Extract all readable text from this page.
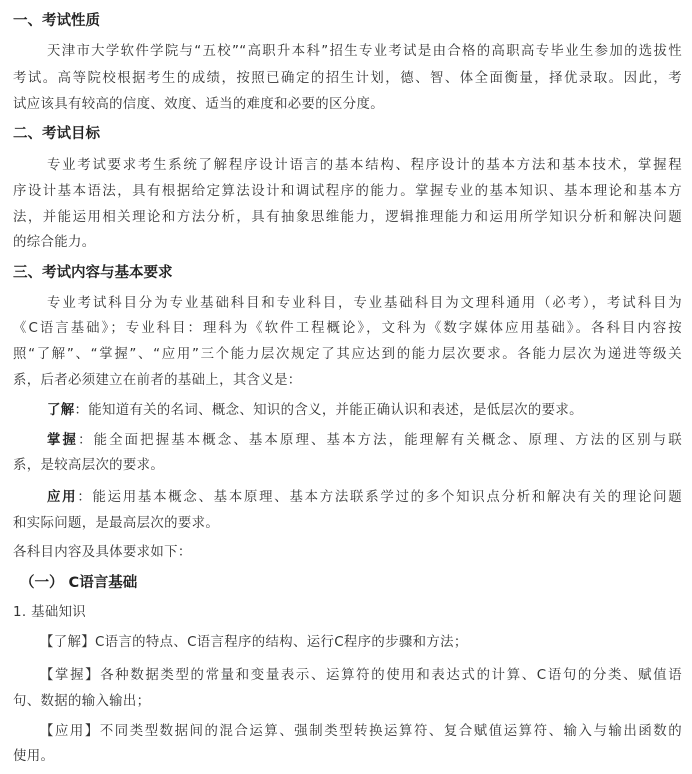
一、考试性质
天津市大学软件学院与“五校”“高职升本科”招生专业考试是由合格的高职高专毕业生参加的选拔性
考试。高等院校根据考生的成绩，按照已确定的招生计划，德、智、体全面衡量，择优录取。因此，考
试应该具有较高的信度、效度、适当的难度和必要的区分度。
二、考试目标
专业考试要求考生系统了解程序设计语言的基本结构、程序设计的基本方法和基本技术，掌握程
序设计基本语法，具有根据给定算法设计和调试程序的能力。掌握专业的基本知识、基本理论和基本方
法，并能运用相关理论和方法分析，具有抽象思维能力，逻辑推理能力和运用所学知识分析和解决问题
的综合能力。
三、考试内容与基本要求
专业考试科目分为专业基础科目和专业科目，专业基础科目为文理科通用（必考），考试科目为
《C语言基础》；专业科目：理科为《软件工程概论》，文科为《数字媒体应用基础》。各科目内容按
照“了解”、“掌握”、“应用”三个能力层次规定了其应达到的能力层次要求。各能力层次为递进等级关
系，后者必须建立在前者的基础上，其含义是：
了解：能知道有关的名词、概念、知识的含义，并能正确认识和表述，是低层次的要求。
掌握：能全面把握基本概念、基本原理、基本方法，能理解有关概念、原理、方法的区别与联
系，是较高层次的要求。
应用：能运用基本概念、基本原理、基本方法联系学过的多个知识点分析和解决有关的理论问题
和实际问题，是最高层次的要求。
各科目内容及具体要求如下：
（一） C语言基础
1. 基础知识
【了解】C语言的特点、C语言程序的结构、运行C程序的步骤和方法；
【掌握】各种数据类型的常量和变量表示、运算符的使用和表达式的计算、C语句的分类、赋值语
句、数据的输入输出；
【应用】不同类型数据间的混合运算、强制类型转换运算符、复合赋值运算符、输入与输出函数的
使用。
